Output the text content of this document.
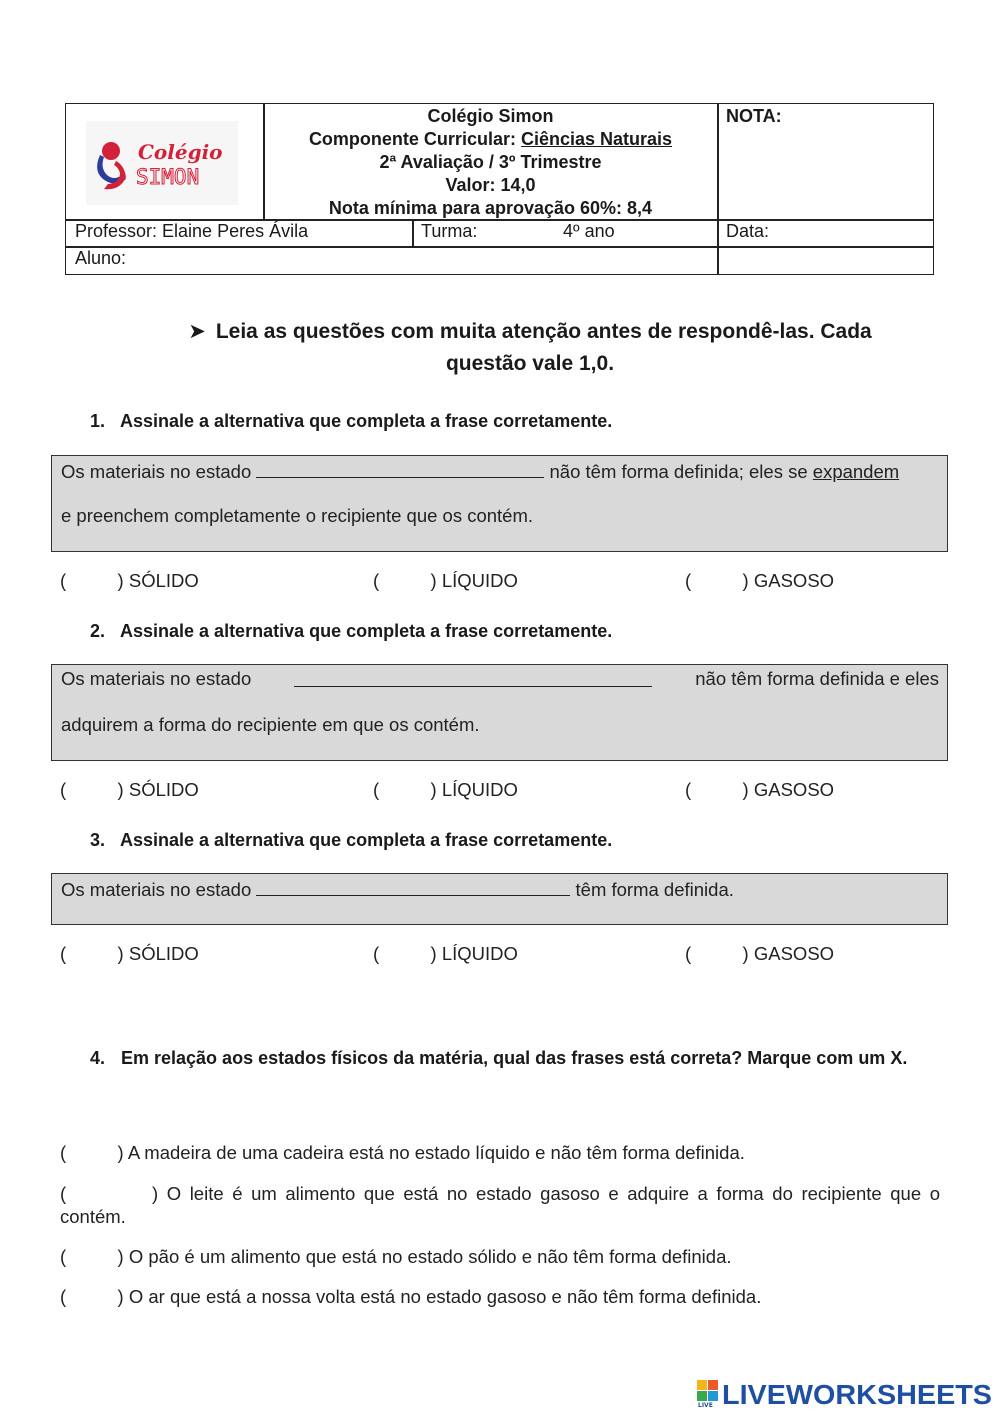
Colégio
SIMON
Colégio Simon
Componente Curricular: Ciências Naturais
2ª Avaliação / 3º Trimestre
Valor: 14,0
Nota mínima para aprovação 60%: 8,4
NOTA:
Professor: Elaine Peres Ávila	Turma:	4º ano	Data:
Aluno:
➤ Leia as questões com muita atenção antes de respondê-las. Cada
questão vale 1,0.
1. Assinale a alternativa que completa a frase corretamente.
Os materiais no estado	não têm forma definida; eles se expandem
e preenchem completamente o recipiente que os contém.
(          ) SÓLIDO	(          ) LÍQUIDO	(          ) GASOSO
2. Assinale a alternativa que completa a frase corretamente.
Os materiais no estado	não têm forma definida e eles
adquirem a forma do recipiente em que os contém.
(          ) SÓLIDO	(          ) LÍQUIDO	(          ) GASOSO
3. Assinale a alternativa que completa a frase corretamente.
Os materiais no estado	têm forma definida.
(          ) SÓLIDO	(          ) LÍQUIDO	(          ) GASOSO
4. Em relação aos estados físicos da matéria, qual das frases está correta? Marque com um X.
(          ) A madeira de uma cadeira está no estado líquido e não têm forma definida.
(          ) O leite é um alimento que está no estado gasoso e adquire a forma do recipiente que o
contém.
(          ) O pão é um alimento que está no estado sólido e não têm forma definida.
(          ) O ar que está a nossa volta está no estado gasoso e não têm forma definida.
LIVE LIVEWORKSHEETS
